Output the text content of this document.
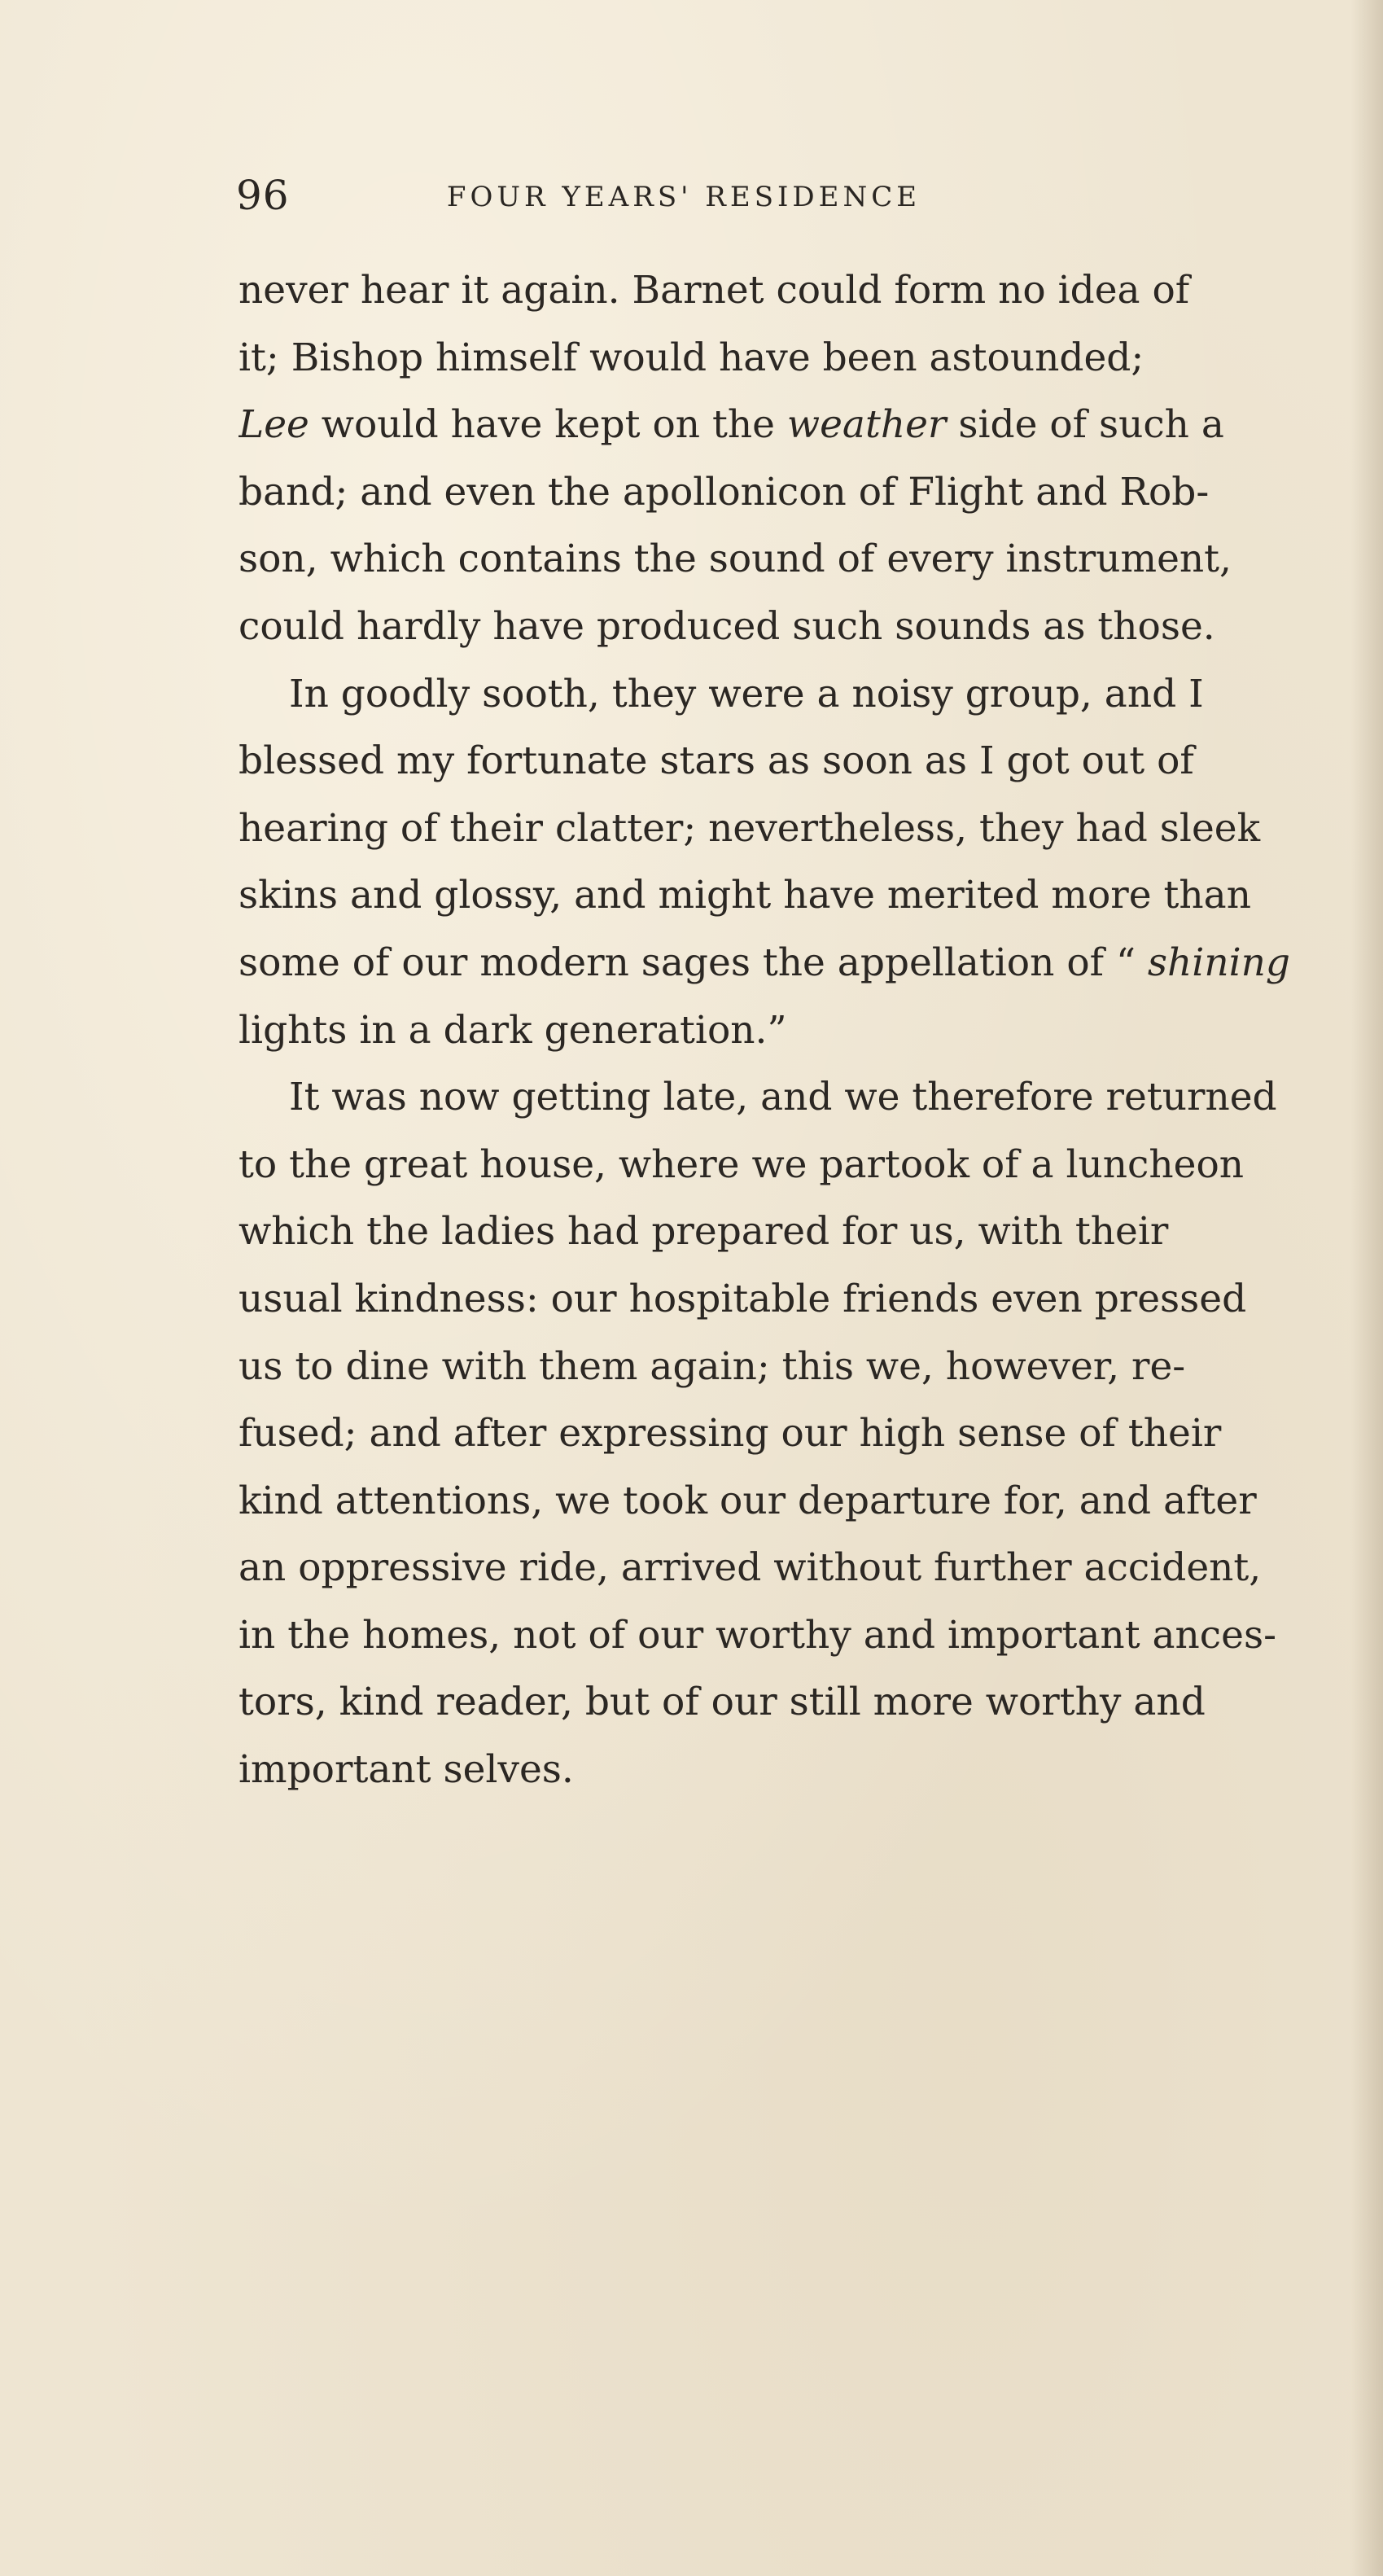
96	FOUR YEARS' RESIDENCE
never hear it again. Barnet could form no idea of
it; Bishop himself would have been astounded;
Lee would have kept on the weather side of such a
band; and even the apollonicon of Flight and Rob-
son, which contains the sound of every instrument,
could hardly have produced such sounds as those.
In goodly sooth, they were a noisy group, and I
blessed my fortunate stars as soon as I got out of
hearing of their clatter; nevertheless, they had sleek
skins and glossy, and might have merited more than
some of our modern sages the appellation of “ shining
lights in a dark generation.”
It was now getting late, and we therefore returned
to the great house, where we partook of a luncheon
which the ladies had prepared for us, with their
usual kindness: our hospitable friends even pressed
us to dine with them again; this we, however, re-
fused; and after expressing our high sense of their
kind attentions, we took our departure for, and after
an oppressive ride, arrived without further accident,
in the homes, not of our worthy and important ances-
tors, kind reader, but of our still more worthy and
important selves.
